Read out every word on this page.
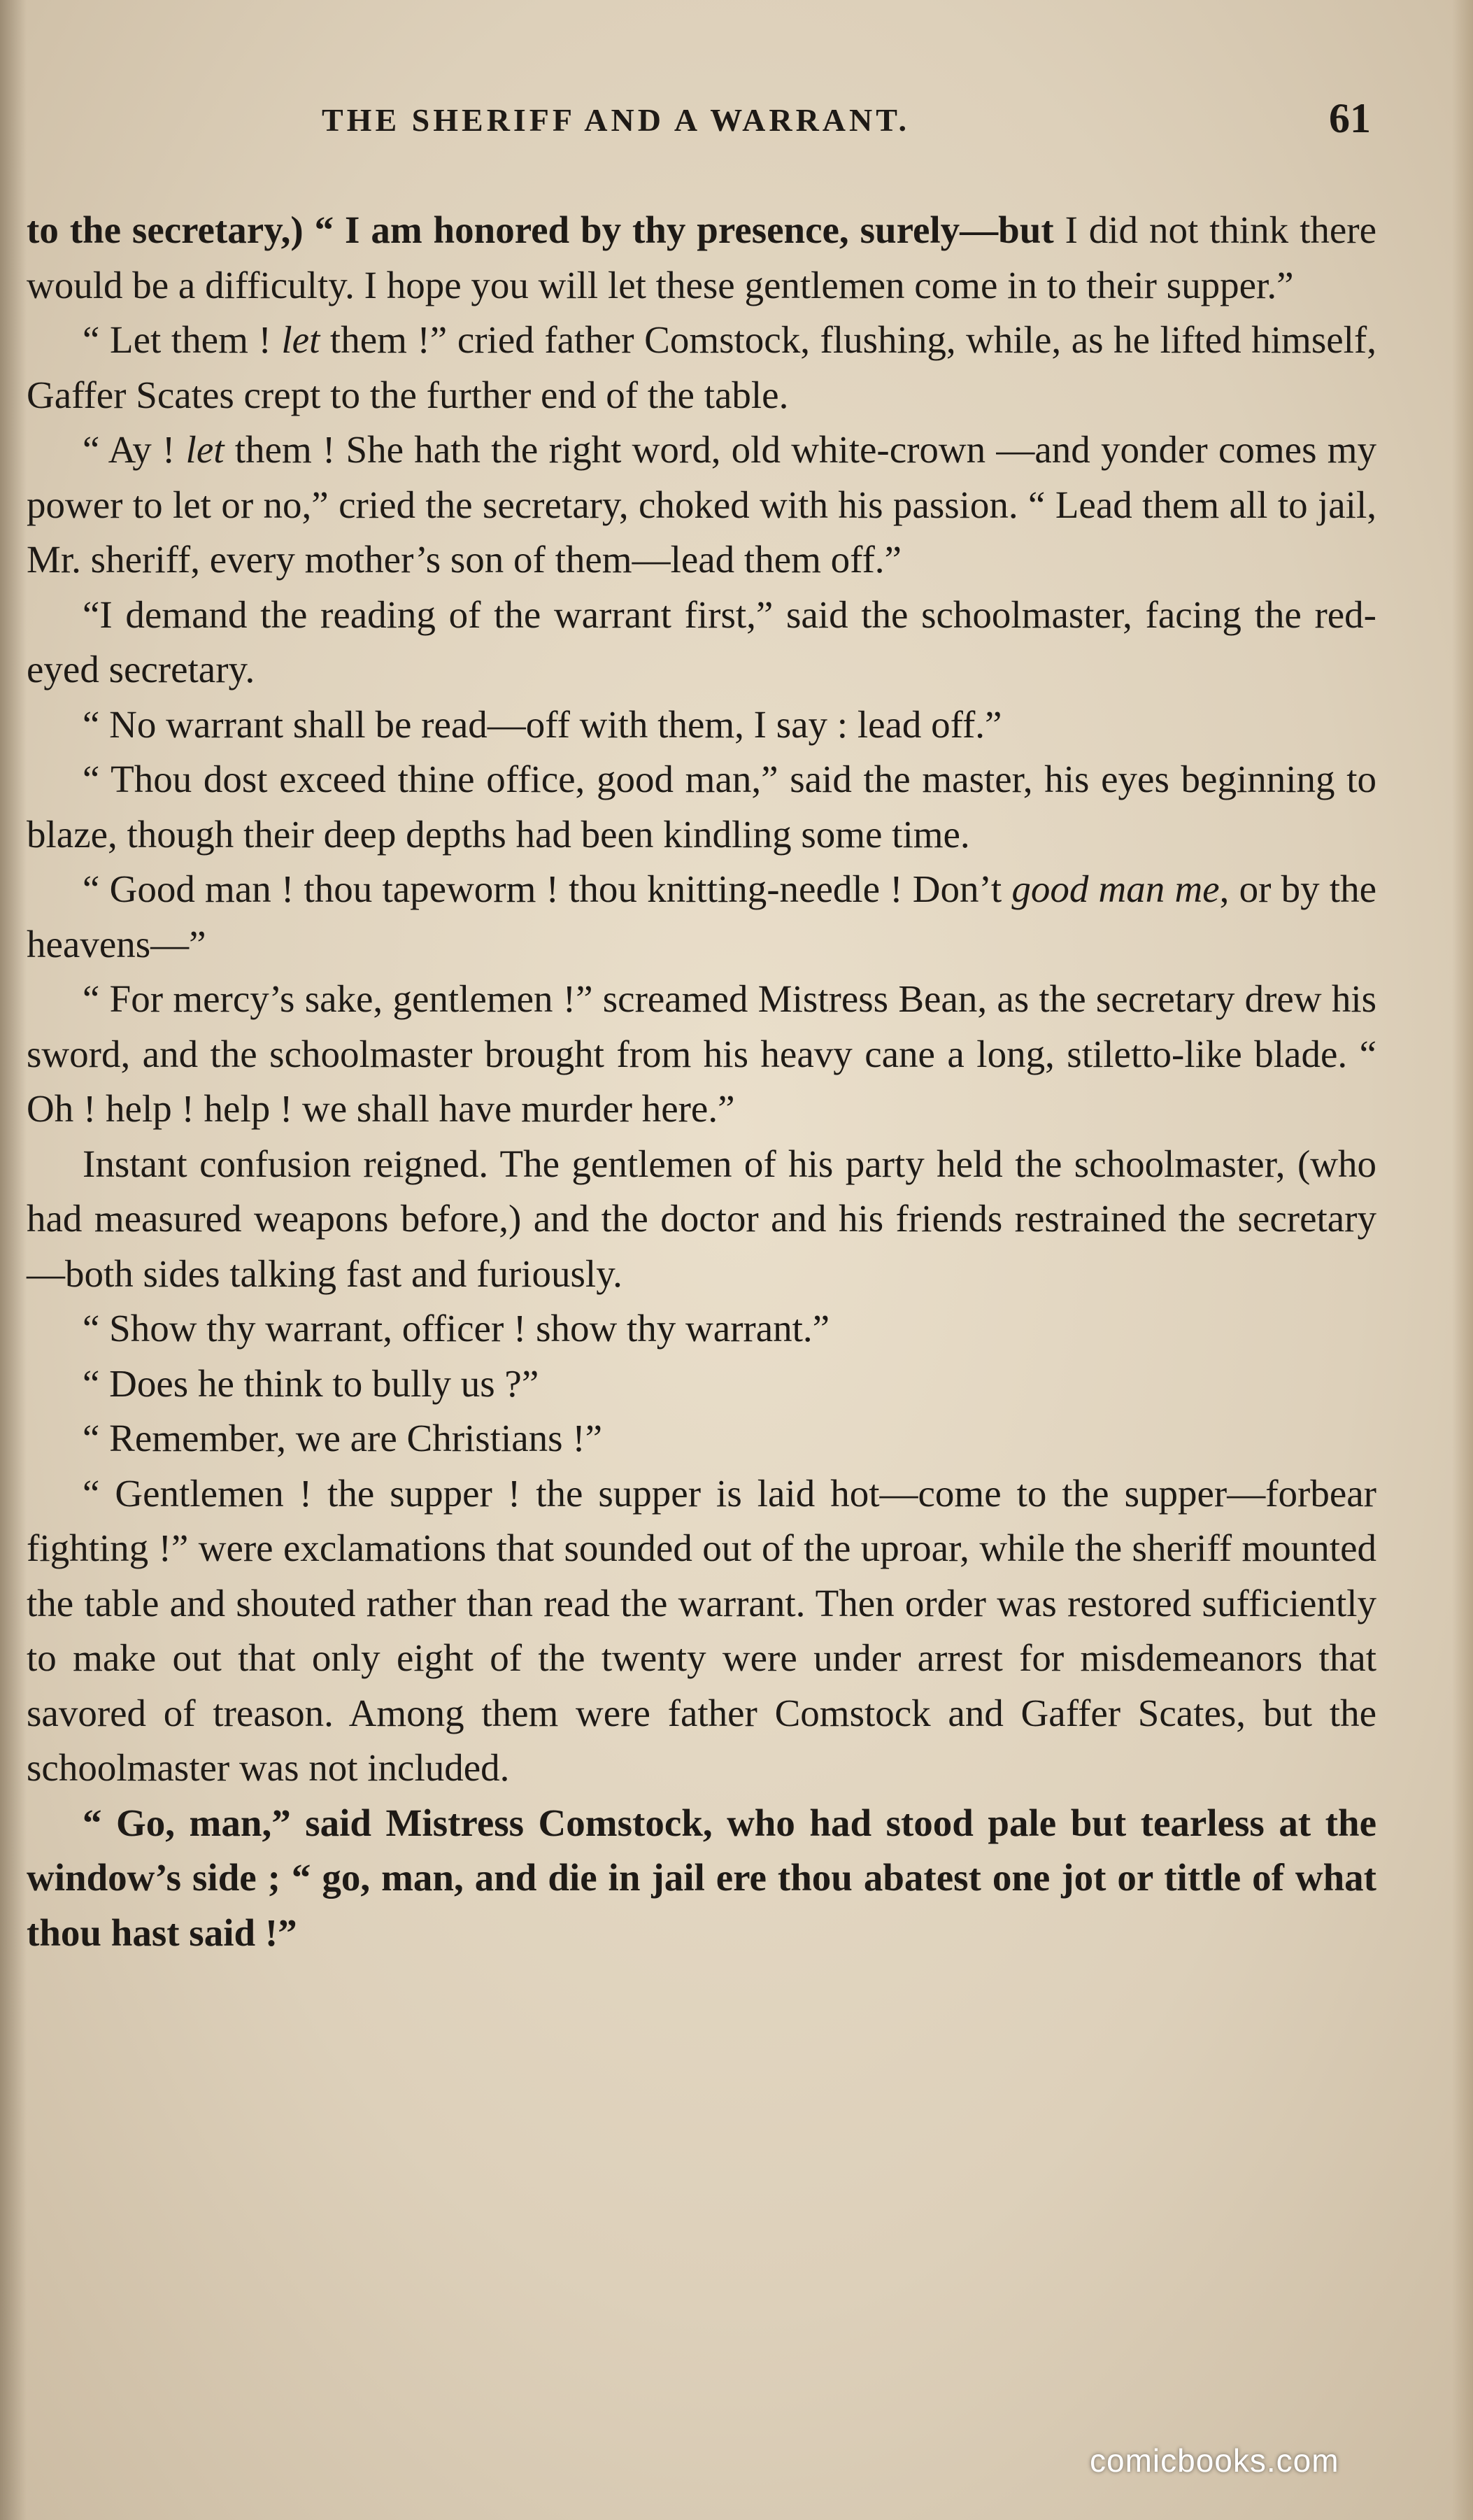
THE SHERIFF AND A WARRANT.	61

to the secretary,) “ I am honored by thy presence, surely—but I did not think there would be a difficulty. I hope you will let these gentlemen come in to their supper.”

“ Let them ! let them !” cried father Comstock, flushing, while, as he lifted himself, Gaffer Scates crept to the further end of the table.

“ Ay ! let them ! She hath the right word, old white-crown —and yonder comes my power to let or no,” cried the secretary, choked with his passion. “ Lead them all to jail, Mr. sheriff, every mother’s son of them—lead them off.”

“I demand the reading of the warrant first,” said the schoolmaster, facing the red-eyed secretary.

“ No warrant shall be read—off with them, I say : lead off.”

“ Thou dost exceed thine office, good man,” said the master, his eyes beginning to blaze, though their deep depths had been kindling some time.

“ Good man ! thou tapeworm ! thou knitting-needle ! Don’t good man me, or by the heavens—”

“ For mercy’s sake, gentlemen !” screamed Mistress Bean, as the secretary drew his sword, and the schoolmaster brought from his heavy cane a long, stiletto-like blade. “ Oh ! help ! help ! we shall have murder here.”

Instant confusion reigned. The gentlemen of his party held the schoolmaster, (who had measured weapons before,) and the doctor and his friends restrained the secretary—both sides talking fast and furiously.

“ Show thy warrant, officer ! show thy warrant.”

“ Does he think to bully us ?”

“ Remember, we are Christians !”

“ Gentlemen ! the supper ! the supper is laid hot—come to the supper—forbear fighting !” were exclamations that sounded out of the uproar, while the sheriff mounted the table and shouted rather than read the warrant. Then order was restored sufficiently to make out that only eight of the twenty were under arrest for misdemeanors that savored of treason. Among them were father Comstock and Gaffer Scates, but the schoolmaster was not included.

“ Go, man,” said Mistress Comstock, who had stood pale but tearless at the window’s side ; “ go, man, and die in jail ere thou abatest one jot or tittle of what thou hast said !”

comicbooks.com
